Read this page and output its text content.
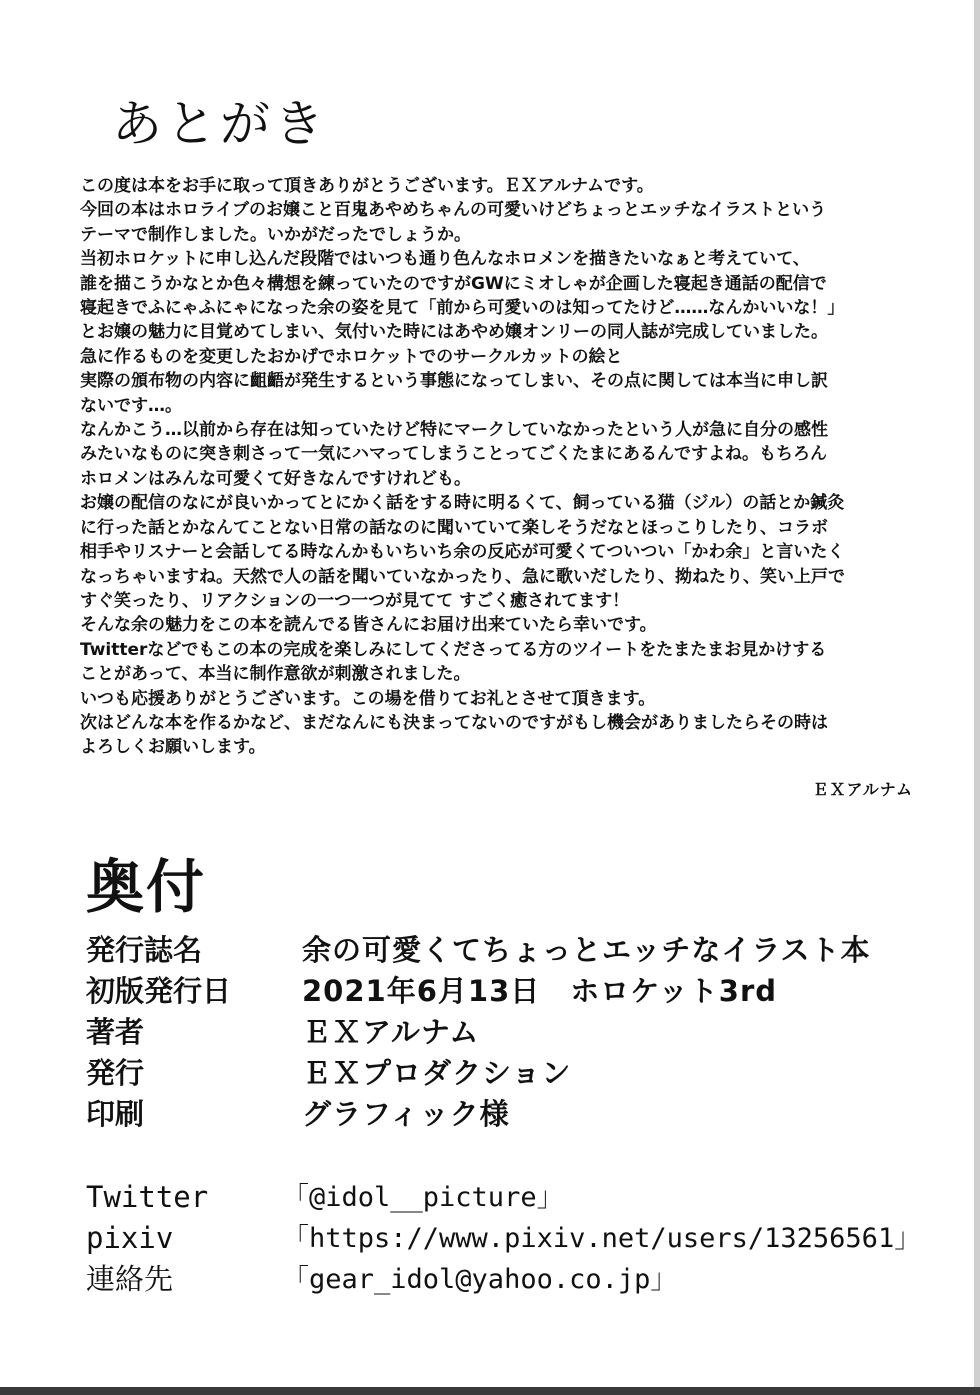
あとがき
この度は本をお手に取って頂きありがとうございます。ＥＸアルナムです。
今回の本はホロライブのお嬢こと百鬼あやめちゃんの可愛いけどちょっとエッチなイラストという
テーマで制作しました。いかがだったでしょうか。
当初ホロケットに申し込んだ段階ではいつも通り色んなホロメンを描きたいなぁと考えていて、
誰を描こうかなとか色々構想を練っていたのですがGWにミオしゃが企画した寝起き通話の配信で
寝起きでふにゃふにゃになった余の姿を見て「前から可愛いのは知ってたけど……なんかいいな！」
とお嬢の魅力に目覚めてしまい、気付いた時にはあやめ嬢オンリーの同人誌が完成していました。
急に作るものを変更したおかげでホロケットでのサークルカットの絵と
実際の頒布物の内容に齟齬が発生するという事態になってしまい、その点に関しては本当に申し訳
ないです…。
なんかこう…以前から存在は知っていたけど特にマークしていなかったという人が急に自分の感性
みたいなものに突き刺さって一気にハマってしまうことってごくたまにあるんですよね。もちろん
ホロメンはみんな可愛くて好きなんですけれども。
お嬢の配信のなにが良いかってとにかく話をする時に明るくて、飼っている猫（ジル）の話とか鍼灸
に行った話とかなんてことない日常の話なのに聞いていて楽しそうだなとほっこりしたり、コラボ
相手やリスナーと会話してる時なんかもいちいち余の反応が可愛くてついつい「かわ余」と言いたく
なっちゃいますね。天然で人の話を聞いていなかったり、急に歌いだしたり、拗ねたり、笑い上戸で
すぐ笑ったり、リアクションの一つ一つが見てて すごく癒されてます！
そんな余の魅力をこの本を読んでる皆さんにお届け出来ていたら幸いです。
Twitterなどでもこの本の完成を楽しみにしてくださってる方のツイートをたまたまお見かけする
ことがあって、本当に制作意欲が刺激されました。
いつも応援ありがとうございます。この場を借りてお礼とさせて頂きます。
次はどんな本を作るかなど、まだなんにも決まってないのですがもし機会がありましたらその時は
よろしくお願いします。
ＥＸアルナム
奥付
発行誌名	余の可愛くてちょっとエッチなイラスト本
初版発行日 2021年6月13日　ホロケット3rd
著者	ＥＸアルナム
発行	ＥＸプロダクション
印刷	グラフィック様
Twitter	「@idol__picture」
pixiv	「https://www.pixiv.net/users/13256561」
連絡先	「gear_idol@yahoo.co.jp」
